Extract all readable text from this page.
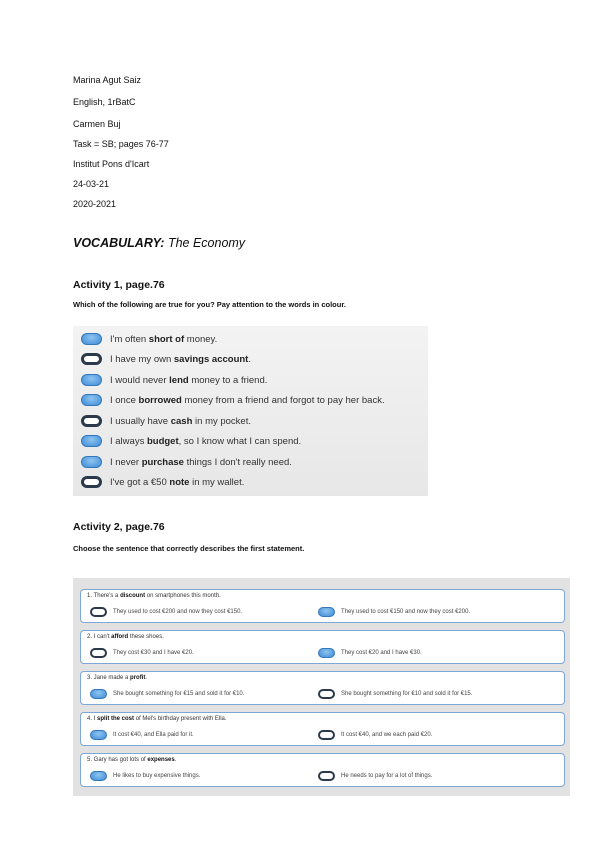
Marina Agut Saiz
English, 1rBatC
Carmen Buj
Task = SB; pages 76-77
Institut Pons d'Icart
24-03-21
2020-2021
VOCABULARY: The Economy
Activity 1, page.76
Which of the following are true for you? Pay attention to the words in colour.
I'm often short of money.
I have my own savings account.
I would never lend money to a friend.
I once borrowed money from a friend and forgot to pay her back.
I usually have cash in my pocket.
I always budget, so I know what I can spend.
I never purchase things I don't really need.
I've got a €50 note in my wallet.
Activity 2, page.76
Choose the sentence that correctly describes the first statement.
1. There's a discount on smartphones this month.
They used to cost €200 and now they cost €150.	They used to cost €150 and now they cost €200.
2. I can't afford these shoes.
They cost €30 and I have €20.	They cost €20 and I have €30.
3. Jane made a profit.
She bought something for €15 and sold it for €10.	She bought something for €10 and sold it for €15.
4. I split the cost of Mel's birthday present with Ella.
It cost €40, and Ella paid for it.	It cost €40, and we each paid €20.
5. Gary has got lots of expenses.
He likes to buy expensive things.	He needs to pay for a lot of things.
